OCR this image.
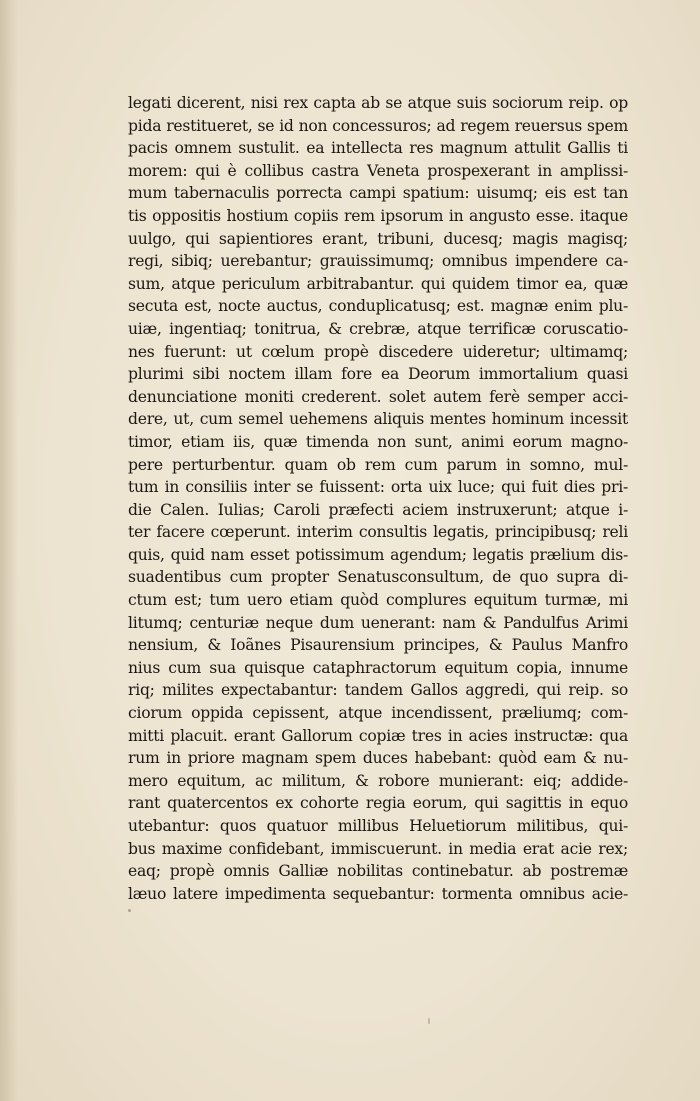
legati dicerent, nisi rex capta ab se atque suis sociorum reip. op
pida restitueret, se id non concessuros; ad regem reuersus spem
pacis omnem sustulit. ea intellecta res magnum attulit Gallis ti
morem: qui è collibus castra Veneta prospexerant in amplissi-
mum tabernaculis porrecta campi spatium: uisumq; eis est tan
tis oppositis hostium copiis rem ipsorum in angusto esse. itaque
uulgo, qui sapientiores erant, tribuni, ducesq; magis magisq;
regi, sibiq; uerebantur; grauissimumq; omnibus impendere ca-
sum, atque periculum arbitrabantur. qui quidem timor ea, quæ
secuta est, nocte auctus, conduplicatusq; est. magnæ enim plu-
uiæ, ingentiaq; tonitrua, & crebræ, atque terrificæ coruscatio-
nes fuerunt: ut cœlum propè discedere uideretur; ultimamq;
plurimi sibi noctem illam fore ea Deorum immortalium quasi
denunciatione moniti crederent. solet autem ferè semper acci-
dere, ut, cum semel uehemens aliquis mentes hominum incessit
timor, etiam iis, quæ timenda non sunt, animi eorum magno-
pere perturbentur. quam ob rem cum parum in somno, mul-
tum in consiliis inter se fuissent: orta uix luce; qui fuit dies pri-
die Calen. Iulias; Caroli præfecti aciem instruxerunt; atque i-
ter facere cœperunt. interim consultis legatis, principibusq; reli
quis, quid nam esset potissimum agendum; legatis prælium dis-
suadentibus cum propter Senatusconsultum, de quo supra di-
ctum est; tum uero etiam quòd complures equitum turmæ, mi
litumq; centuriæ neque dum uenerant: nam & Pandulfus Arimi
nensium, & Ioãnes Pisaurensium principes, & Paulus Manfro
nius cum sua quisque cataphractorum equitum copia, innume
riq; milites expectabantur: tandem Gallos aggredi, qui reip. so
ciorum oppida cepissent, atque incendissent, præliumq; com-
mitti placuit. erant Gallorum copiæ tres in acies instructæ: qua
rum in priore magnam spem duces habebant: quòd eam & nu-
mero equitum, ac militum, & robore munierant: eiq; addide-
rant quatercentos ex cohorte regia eorum, qui sagittis in equo
utebantur: quos quatuor millibus Heluetiorum militibus, qui-
bus maxime confidebant, immiscuerunt. in media erat acie rex;
eaq; propè omnis Galliæ nobilitas continebatur. ab postremæ
læuo latere impedimenta sequebantur: tormenta omnibus acie-
